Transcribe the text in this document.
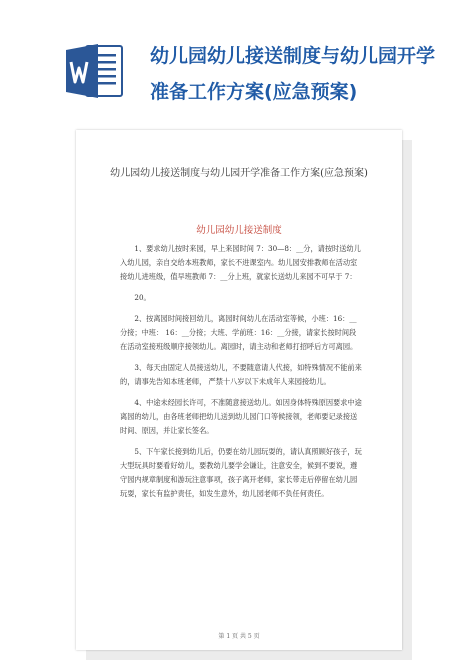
幼儿园幼儿接送制度与幼儿园开学准备工作方案(应急预案)
幼儿园幼儿接送制度与幼儿园开学准备工作方案(应急预案)
幼儿园幼儿接送制度

1、要求幼儿按时来园，早上来园时间 7：30—8：__分，请按时送幼儿入幼儿园，亲自交给本班教师，家长不进课室内。幼儿园安排教师在活动室接幼儿进班级，值早班教师 7：__分上班，就家长送幼儿来园不可早于 7：

20。

2、按离园时间接回幼儿，离园时间幼儿在活动室等候，小班：16：__分接；中班： 16：__分接；大班、学前班：16：__分接，请家长按时间段在活动室接班级顺序接领幼儿。离园时，请主动和老师打招呼后方可离园。

3、每天由固定人员接送幼儿，不要随意请人代接，如特殊情况不能前来的，请事先告知本班老师， 严禁十八岁以下未成年人来园接幼儿。

4、中途未经园长许可，不准随意接送幼儿。如因身体特殊原因要求中途离园的幼儿，由各班老师把幼儿送到幼儿园门口等候接领，老师要记录接送时间、原因，并让家长签名。

5、下午家长接到幼儿后，仍要在幼儿园玩耍的，请认真照顾好孩子，玩大型玩具时要看好幼儿，要教幼儿要学会谦让，注意安全，候到不要说，遵守园内规章制度和游玩注意事项，孩子离开老师，家长带走后停留在幼儿园玩耍，家长有监护责任，如发生意外，幼儿园老师不负任何责任。

第 1 页 共 5 页
